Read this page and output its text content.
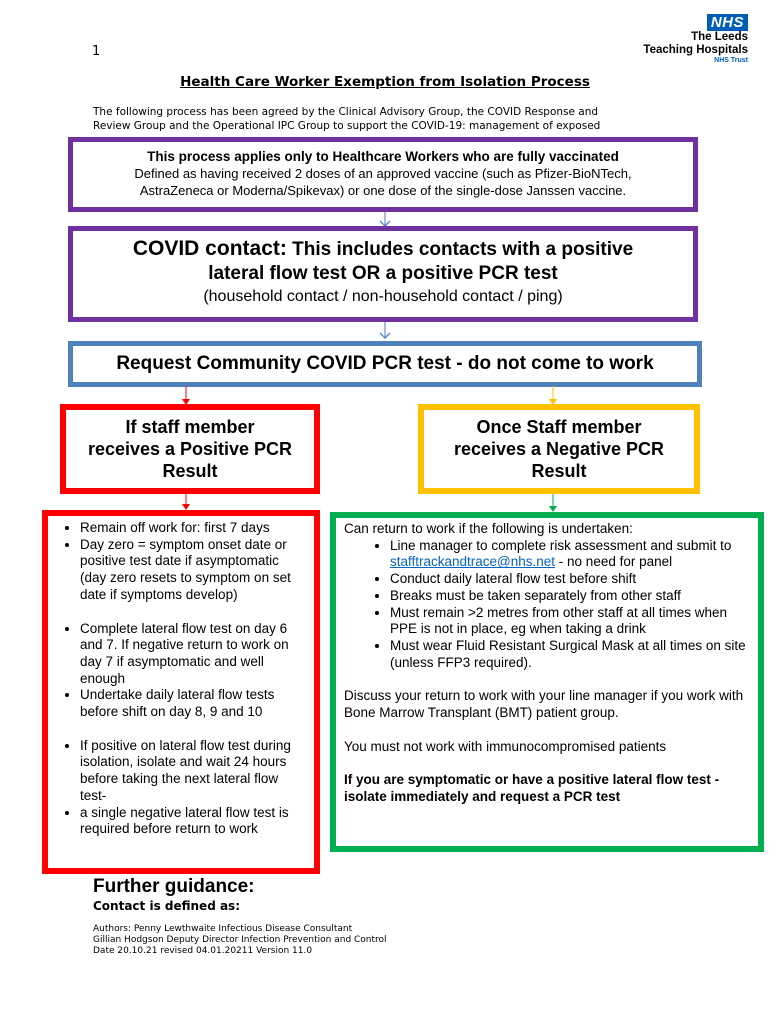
1
NHS
The Leeds
Teaching Hospitals
NHS Trust
Health Care Worker Exemption from Isolation Process
The following process has been agreed by the Clinical Advisory Group, the COVID Response and
Review Group and the Operational IPC Group to support the COVID-19: management of exposed
This process applies only to Healthcare Workers who are fully vaccinated
Defined as having received 2 doses of an approved vaccine (such as Pfizer-BioNTech,
AstraZeneca or Moderna/Spikevax) or one dose of the single-dose Janssen vaccine.
COVID contact: This includes contacts with a positive
lateral flow test OR a positive PCR test
(household contact / non-household contact / ping)
Request Community COVID PCR test - do not come to work
If staff member
receives a Positive PCR
Result
Once Staff member
receives a Negative PCR
Result
• Remain off work for: first 7 days
• Day zero = symptom onset date or positive test date if asymptomatic
(day zero resets to symptom on set date if symptoms develop)
• Complete lateral flow test on day 6 and 7. If negative return to work on day 7 if asymptomatic and well enough
• Undertake daily lateral flow tests before shift on day 8, 9 and 10
• If positive on lateral flow test during isolation, isolate and wait 24 hours before taking the next lateral flow test-
• a single negative lateral flow test is required before return to work

Can return to work if the following is undertaken:

• Line manager to complete risk assessment and submit to stafftrackandtrace@nhs.net - no need for panel
• Conduct daily lateral flow test before shift
• Breaks must be taken separately from other staff
• Must remain >2 metres from other staff at all times when PPE is not in place, eg when taking a drink
• Must wear Fluid Resistant Surgical Mask at all times on site (unless FFP3 required).

Discuss your return to work with your line manager if you work with Bone Marrow Transplant (BMT) patient group.

You must not work with immunocompromised patients

If you are symptomatic or have a positive lateral flow test - isolate immediately and request a PCR test

Further guidance:
Contact is defined as:
Authors: Penny Lewthwaite Infectious Disease Consultant
Gillian Hodgson Deputy Director Infection Prevention and Control
Date 20.10.21 revised 04.01.20211 Version 11.0
